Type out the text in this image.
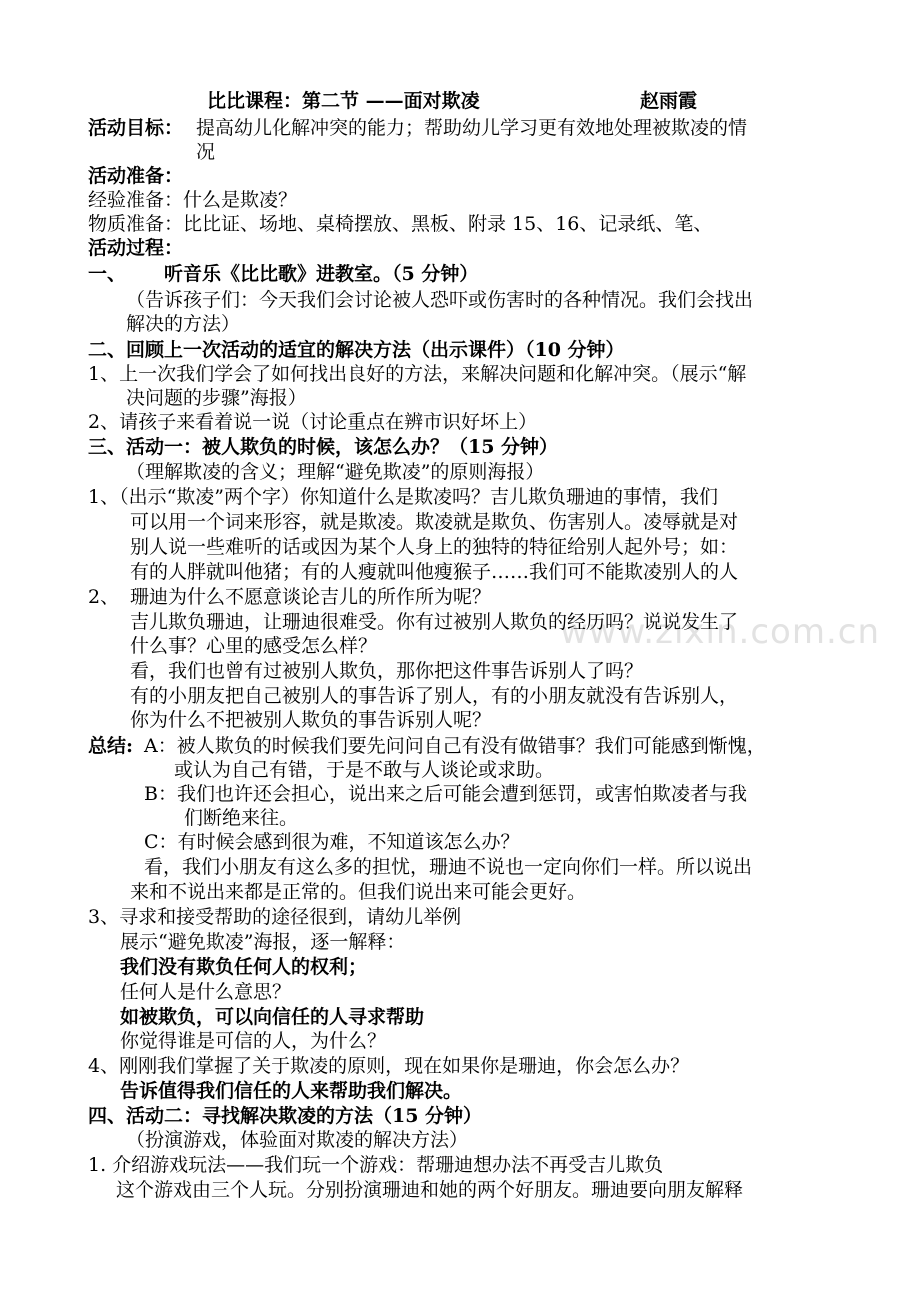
www.zixin.com.cn
比比课程：第二节 ——面对欺凌	赵雨霞
活动目标： 提高幼儿化解冲突的能力；帮助幼儿学习更有效地处理被欺凌的情
况
活动准备：
经验准备：什么是欺凌？
物质准备：比比证、场地、桌椅摆放、黑板、附录 15、16、记录纸、笔、
活动过程：
一、 听音乐《比比歌》进教室。（5 分钟）
（告诉孩子们：今天我们会讨论被人恐吓或伤害时的各种情况。我们会找出
解决的方法）
二、回顾上一次活动的适宜的解决方法（出示课件）（10 分钟）
1、上一次我们学会了如何找出良好的方法，来解决问题和化解冲突。（展示“解
决问题的步骤”海报）
2、请孩子来看着说一说（讨论重点在辨市识好坏上）
三、活动一：被人欺负的时候，该怎么办？（15 分钟）
（理解欺凌的含义；理解“避免欺凌”的原则海报）
1、（出示“欺凌”两个字）你知道什么是欺凌吗？吉儿欺负珊迪的事情，我们
可以用一个词来形容，就是欺凌。欺凌就是欺负、伤害别人。凌辱就是对
别人说一些难听的话或因为某个人身上的独特的特征给别人起外号；如：
有的人胖就叫他猪；有的人瘦就叫他瘦猴子……我们可不能欺凌别人的人
2、 珊迪为什么不愿意谈论吉儿的所作所为呢？
吉儿欺负珊迪，让珊迪很难受。你有过被别人欺负的经历吗？说说发生了
什么事？心里的感受怎么样？
看，我们也曾有过被别人欺负，那你把这件事告诉别人了吗？
有的小朋友把自己被别人的事告诉了别人，有的小朋友就没有告诉别人，
你为什么不把被别人欺负的事告诉别人呢？
总结: A：被人欺负的时候我们要先问问自己有没有做错事？我们可能感到惭愧，
或认为自己有错，于是不敢与人谈论或求助。
B：我们也许还会担心，说出来之后可能会遭到惩罚，或害怕欺凌者与我
们断绝来往。
C：有时候会感到很为难，不知道该怎么办？
看，我们小朋友有这么多的担忧，珊迪不说也一定向你们一样。所以说出
来和不说出来都是正常的。但我们说出来可能会更好。
3、寻求和接受帮助的途径很到，请幼儿举例
展示“避免欺凌”海报，逐一解释：
我们没有欺负任何人的权利；
任何人是什么意思？
如被欺负，可以向信任的人寻求帮助
你觉得谁是可信的人，为什么？
4、刚刚我们掌握了关于欺凌的原则，现在如果你是珊迪，你会怎么办？
告诉值得我们信任的人来帮助我们解决。
四、活动二：寻找解决欺凌的方法（15 分钟）
（扮演游戏，体验面对欺凌的解决方法）
1. 介绍游戏玩法——我们玩一个游戏：帮珊迪想办法不再受吉儿欺负
这个游戏由三个人玩。分别扮演珊迪和她的两个好朋友。珊迪要向朋友解释
